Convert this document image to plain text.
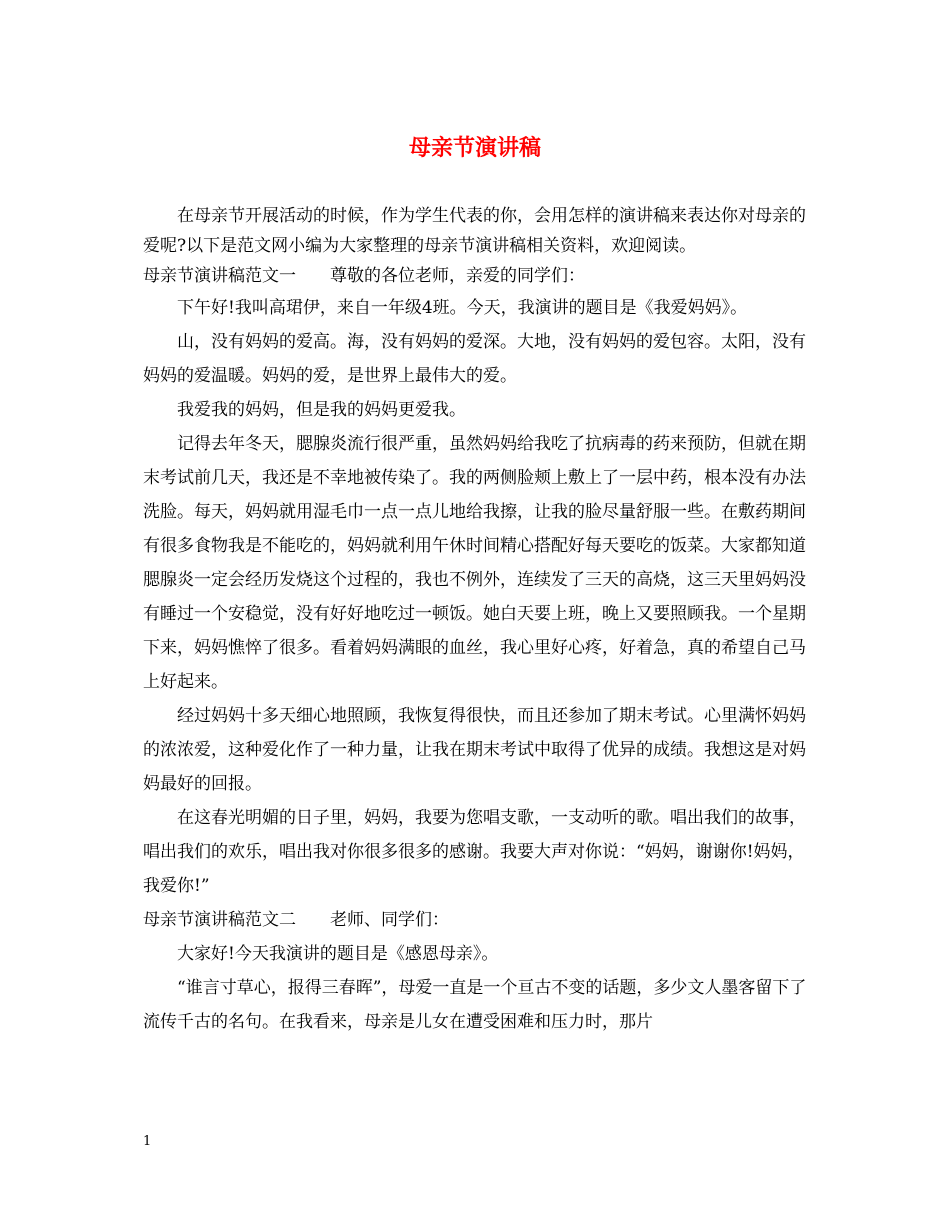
母亲节演讲稿

在母亲节开展活动的时候，作为学生代表的你，会用怎样的演讲稿来表达你对母亲的爱呢?以下是范文网小编为大家整理的母亲节演讲稿相关资料，欢迎阅读。

母亲节演讲稿范文一 尊敬的各位老师，亲爱的同学们：

下午好!我叫高珺伊，来自一年级4班。今天，我演讲的题目是《我爱妈妈》。

山，没有妈妈的爱高。海，没有妈妈的爱深。大地，没有妈妈的爱包容。太阳，没有妈妈的爱温暖。妈妈的爱，是世界上最伟大的爱。

我爱我的妈妈，但是我的妈妈更爱我。

记得去年冬天，腮腺炎流行很严重，虽然妈妈给我吃了抗病毒的药来预防，但就在期末考试前几天，我还是不幸地被传染了。我的两侧脸颊上敷上了一层中药，根本没有办法洗脸。每天，妈妈就用湿毛巾一点一点儿地给我擦，让我的脸尽量舒服一些。在敷药期间有很多食物我是不能吃的，妈妈就利用午休时间精心搭配好每天要吃的饭菜。大家都知道腮腺炎一定会经历发烧这个过程的，我也不例外，连续发了三天的高烧，这三天里妈妈没有睡过一个安稳觉，没有好好地吃过一顿饭。她白天要上班，晚上又要照顾我。一个星期下来，妈妈憔悴了很多。看着妈妈满眼的血丝，我心里好心疼，好着急，真的希望自己马上好起来。

经过妈妈十多天细心地照顾，我恢复得很快，而且还参加了期末考试。心里满怀妈妈的浓浓爱，这种爱化作了一种力量，让我在期末考试中取得了优异的成绩。我想这是对妈妈最好的回报。

在这春光明媚的日子里，妈妈，我要为您唱支歌，一支动听的歌。唱出我们的故事，唱出我们的欢乐，唱出我对你很多很多的感谢。我要大声对你说：“妈妈，谢谢你!妈妈，我爱你!”

母亲节演讲稿范文二 老师、同学们：

大家好!今天我演讲的题目是《感恩母亲》。

“谁言寸草心，报得三春晖”，母爱一直是一个亘古不变的话题，多少文人墨客留下了流传千古的名句。在我看来，母亲是儿女在遭受困难和压力时，那片

1
